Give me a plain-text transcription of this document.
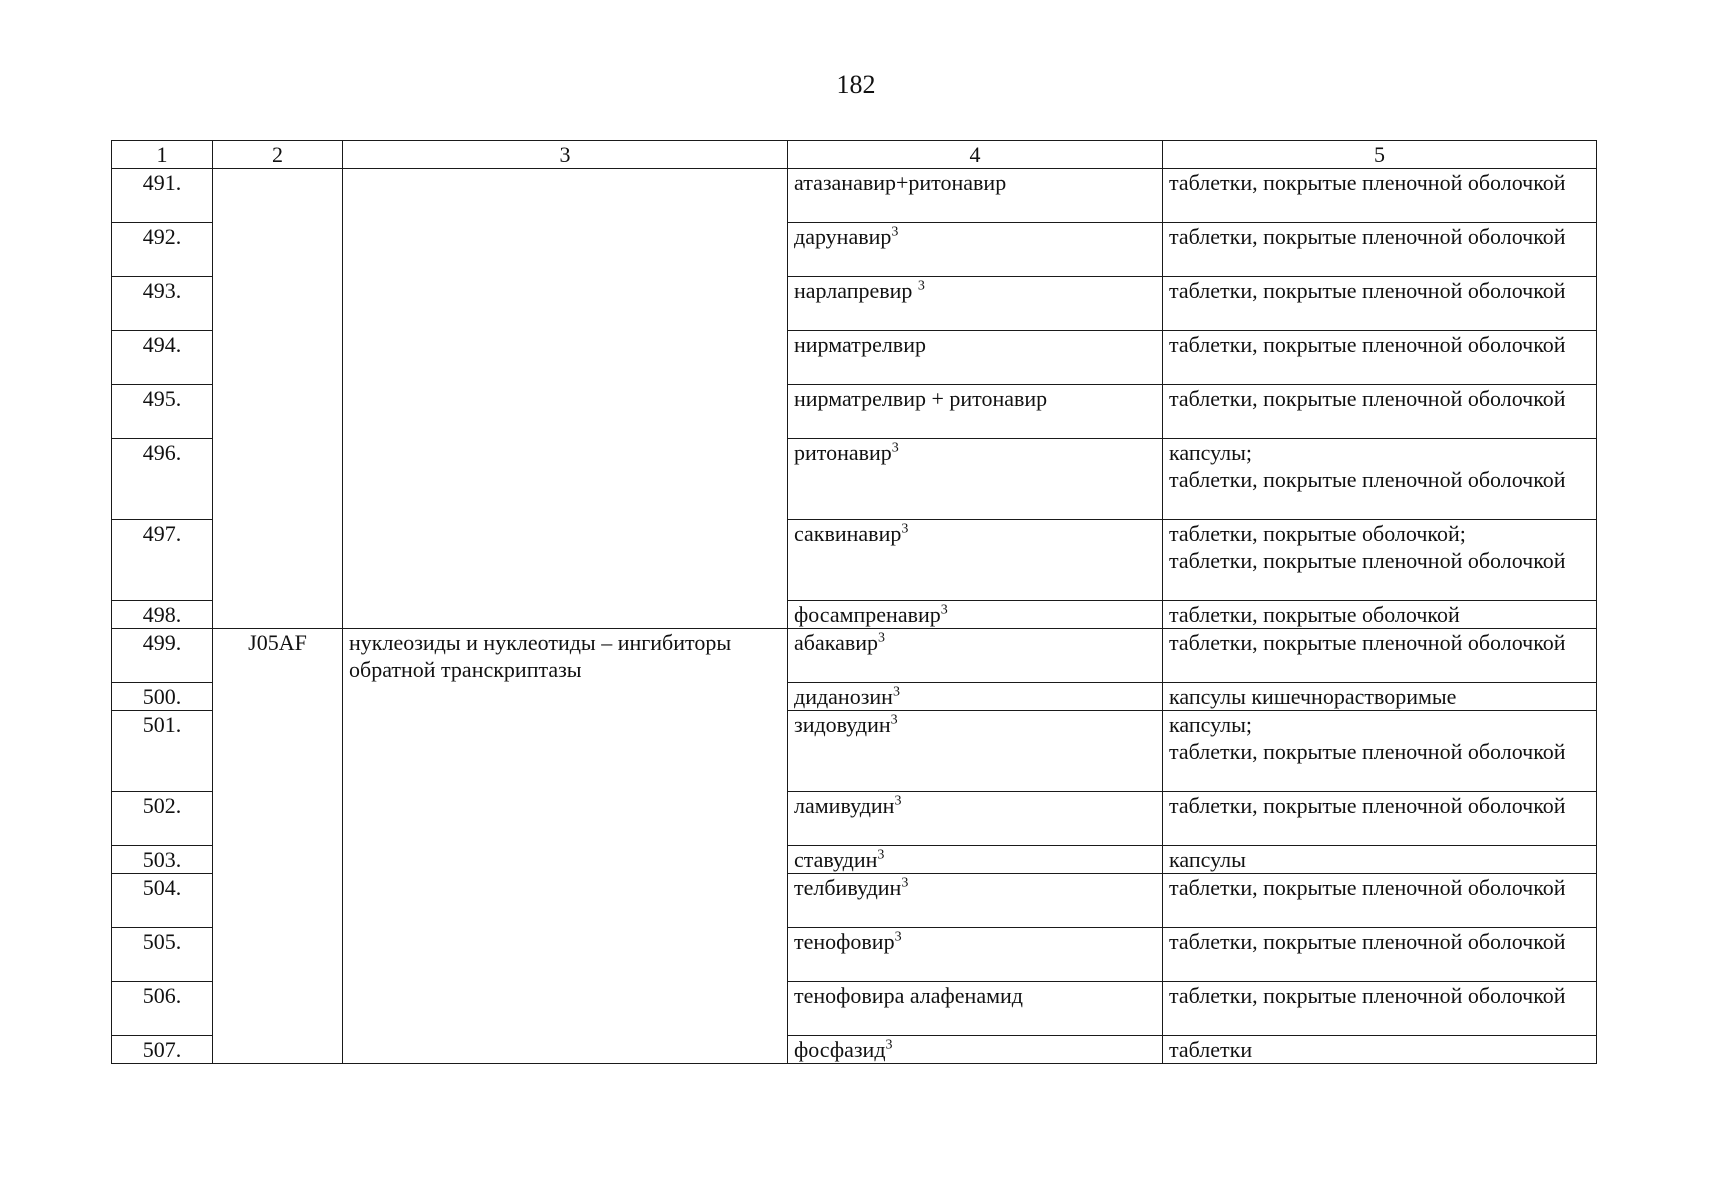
182
1	2	3	4	5
491.			атазанавир+ритонавир	таблетки, покрытые пленочной оболочкой

492.			дарунавир$^3$	таблетки, покрытые пленочной оболочкой

493.			нарлапревир $^3$	таблетки, покрытые пленочной оболочкой

494.			нирматрелвир	таблетки, покрытые пленочной оболочкой

495.			нирматрелвир + ритонавир	таблетки, покрытые пленочной оболочкой

496.			ритонавир$^3$	капсулы;
таблетки, покрытые пленочной оболочкой

497.			саквинавир$^3$	таблетки, покрытые оболочкой;
таблетки, покрытые пленочной оболочкой

498.			фосампренавир$^3$	таблетки, покрытые оболочкой

499.	J05AF	нуклеозиды и нуклеотиды – ингибиторы обратной транскриптазы	абакавир$^3$	таблетки, покрытые пленочной оболочкой

500.			диданозин$^3$	капсулы кишечнорастворимые

501.			зидовудин$^3$	капсулы;
таблетки, покрытые пленочной оболочкой

502.			ламивудин$^3$	таблетки, покрытые пленочной оболочкой

503.			ставудин$^3$	капсулы

504.			телбивудин$^3$	таблетки, покрытые пленочной оболочкой

505.			тенофовир$^3$	таблетки, покрытые пленочной оболочкой

506.			тенофовира алафенамид	таблетки, покрытые пленочной оболочкой

507.			фосфазид$^3$	таблетки
